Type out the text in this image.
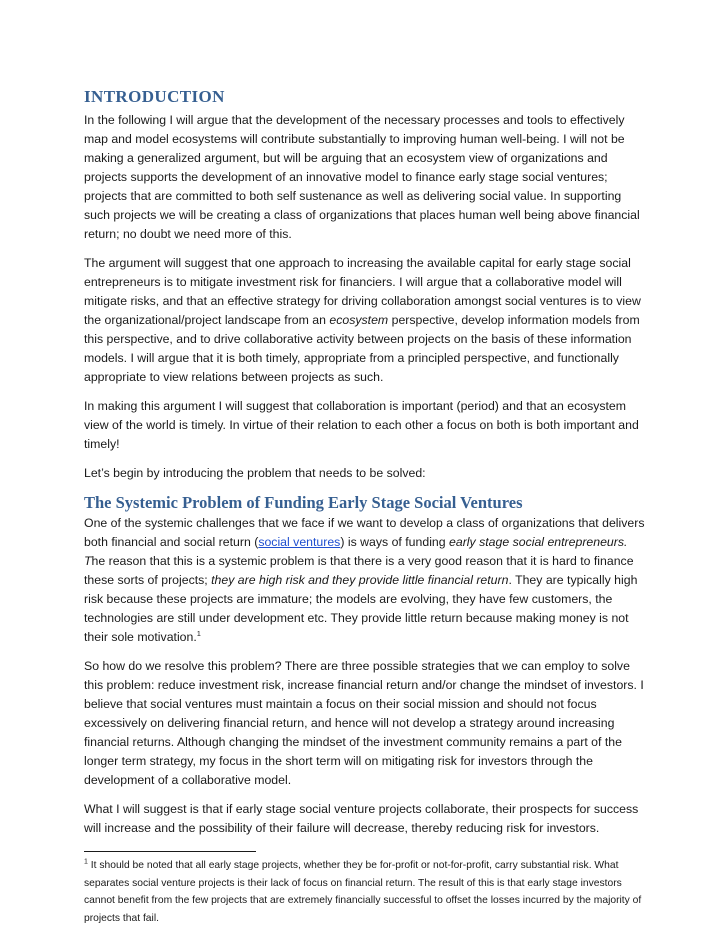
INTRODUCTION

In the following I will argue that the development of the necessary processes and tools to effectively map and model ecosystems will contribute substantially to improving human well-being. I will not be making a generalized argument, but will be arguing that an ecosystem view of organizations and projects supports the development of an innovative model to finance early stage social ventures; projects that are committed to both self sustenance as well as delivering social value. In supporting such projects we will be creating a class of organizations that places human well being above financial return; no doubt we need more of this.

The argument will suggest that one approach to increasing the available capital for early stage social entrepreneurs is to mitigate investment risk for financiers. I will argue that a collaborative model will mitigate risks, and that an effective strategy for driving collaboration amongst social ventures is to view the organizational/project landscape from an ecosystem perspective, develop information models from this perspective, and to drive collaborative activity between projects on the basis of these information models. I will argue that it is both timely, appropriate from a principled perspective, and functionally appropriate to view relations between projects as such.

In making this argument I will suggest that collaboration is important (period) and that an ecosystem view of the world is timely. In virtue of their relation to each other a focus on both is both important and timely!

Let’s begin by introducing the problem that needs to be solved:

The Systemic Problem of Funding Early Stage Social Ventures

One of the systemic challenges that we face if we want to develop a class of organizations that delivers both financial and social return (social ventures) is ways of funding early stage social entrepreneurs. The reason that this is a systemic problem is that there is a very good reason that it is hard to finance these sorts of projects; they are high risk and they provide little financial return. They are typically high risk because these projects are immature; the models are evolving, they have few customers, the technologies are still under development etc. They provide little return because making money is not their sole motivation.$^1$

So how do we resolve this problem? There are three possible strategies that we can employ to solve this problem: reduce investment risk, increase financial return and/or change the mindset of investors. I believe that social ventures must maintain a focus on their social mission and should not focus excessively on delivering financial return, and hence will not develop a strategy around increasing financial returns. Although changing the mindset of the investment community remains a part of the longer term strategy, my focus in the short term will on mitigating risk for investors through the development of a collaborative model.

What I will suggest is that if early stage social venture projects collaborate, their prospects for success will increase and the possibility of their failure will decrease, thereby reducing risk for investors.

$^1$ It should be noted that all early stage projects, whether they be for-profit or not-for-profit, carry substantial risk. What separates social venture projects is their lack of focus on financial return. The result of this is that early stage investors cannot benefit from the few projects that are extremely financially successful to offset the losses incurred by the majority of projects that fail.
